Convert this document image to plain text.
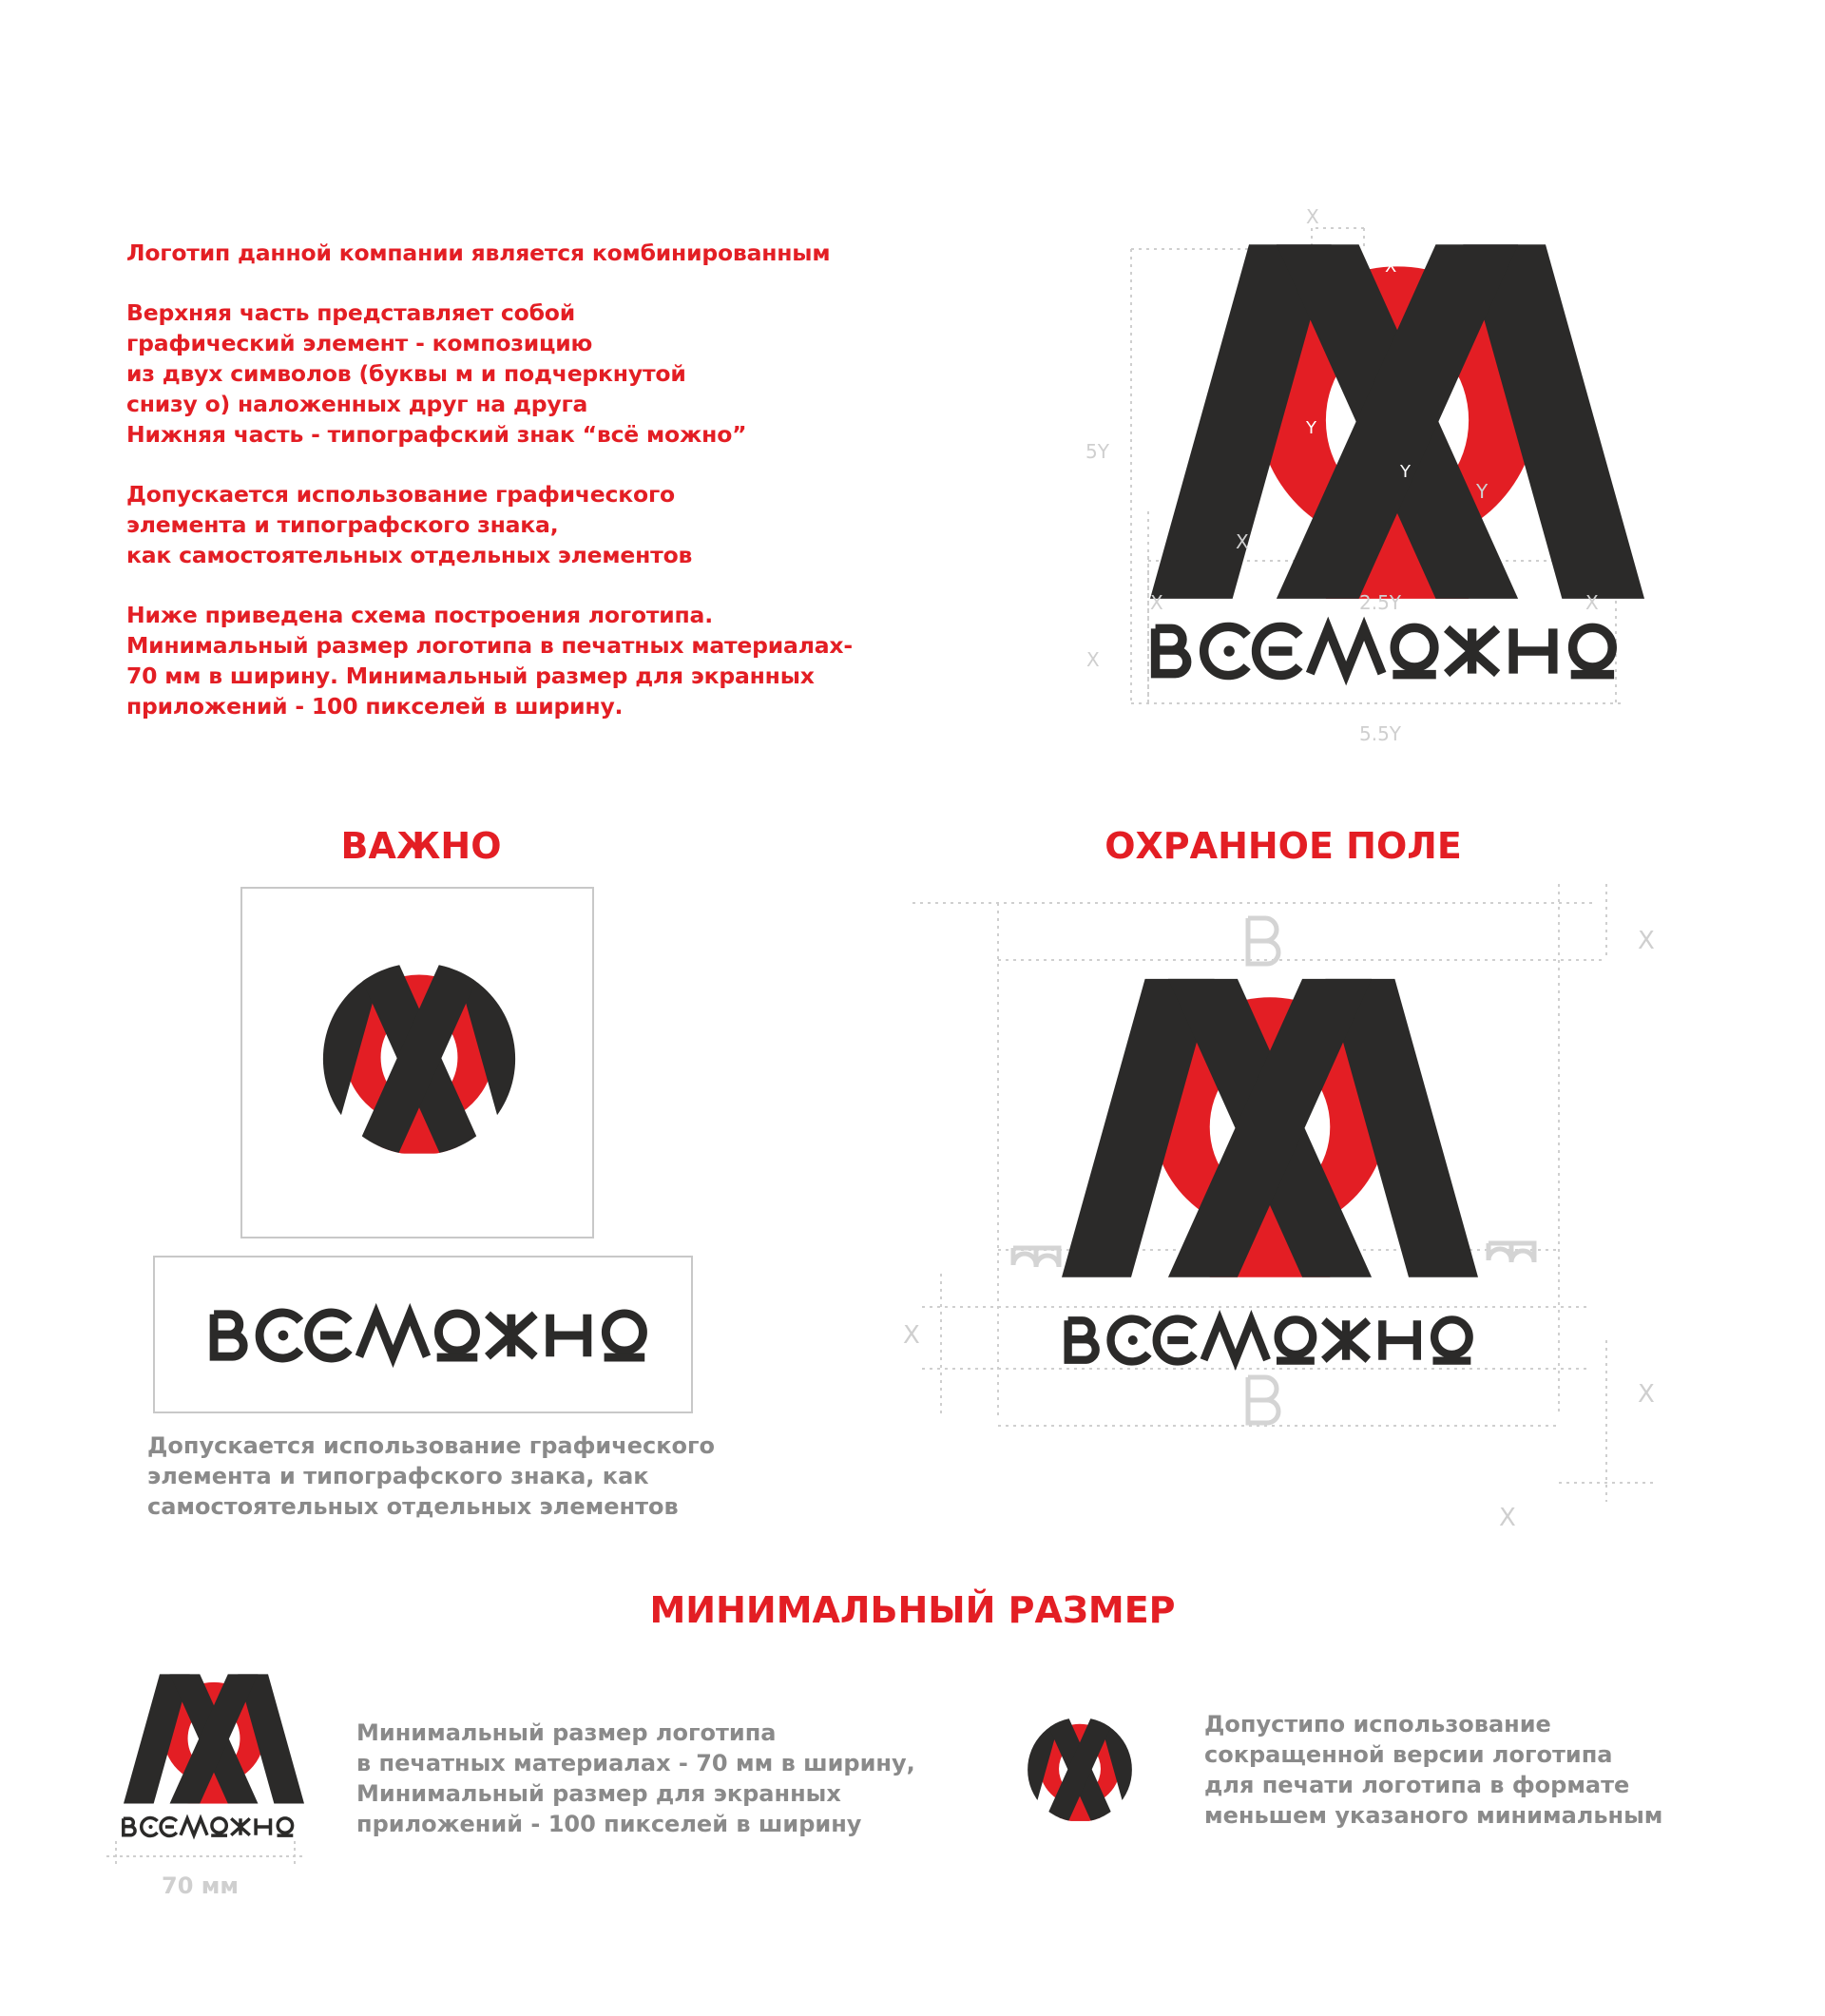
Логотип данной компании является комбинированным

Верхняя часть представляет собой
графический элемент - композицию
из двух символов (буквы м и подчеркнутой
снизу о) наложенных друг на друга
Нижняя часть - типографский знак “всё можно”

Допускается использование графического
элемента и типографского знака,
как самостоятельных отдельных элементов

Ниже приведена схема построения логотипа.
Минимальный размер логотипа в печатных материалах-
70 мм в ширину. Минимальный размер для экранных
приложений - 100 пикселей в ширину.

X
X
Y
Y
Y
5Y
X
X	2.5Y	X
X
5.5Y
ВАЖНО
Допускается использование графического
элемента и типографского знака, как
самостоятельных отдельных элементов
ОХРАННОЕ ПОЛЕ
X
X
X
X
МИНИМАЛЬНЫЙ РАЗМЕР
70 мм
Минимальный размер логотипа
в печатных материалах - 70 мм в ширину,
Минимальный размер для экранных
приложений - 100 пикселей в ширину
Допустипо использование
сокращенной версии логотипа
для печати логотипа в формате
меньшем указаного минимальным
